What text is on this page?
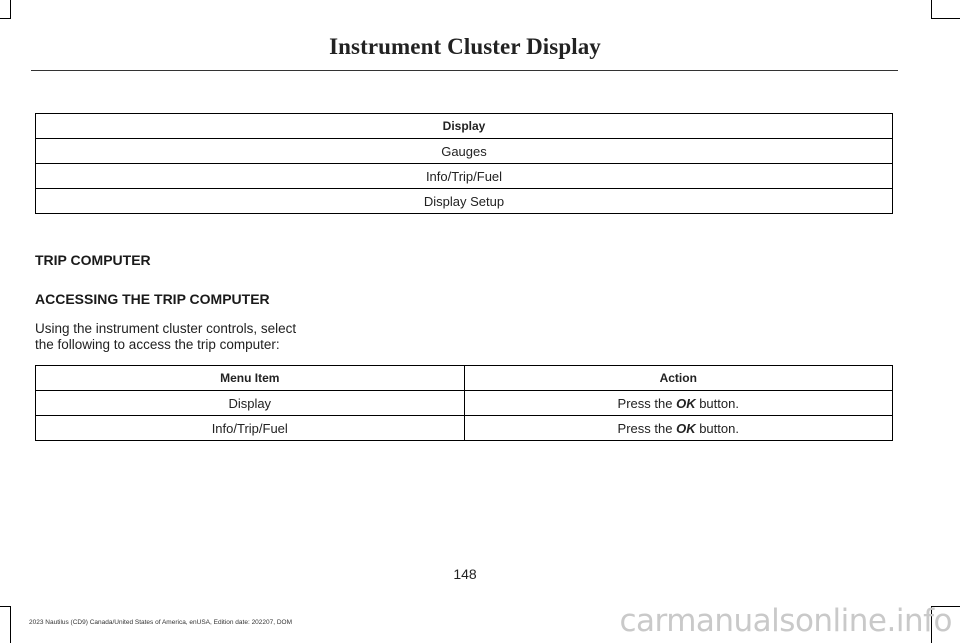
Instrument Cluster Display
Display
Gauges
Info/Trip/Fuel
Display Setup
TRIP COMPUTER
ACCESSING THE TRIP COMPUTER
Using the instrument cluster controls, select
the following to access the trip computer:
Menu Item	Action
Display	Press the OK button.
Info/Trip/Fuel	Press the OK button.
148
2023 Nautilus (CD9) Canada/United States of America, enUSA, Edition date: 202207, DOM	carmanualsonline.info
